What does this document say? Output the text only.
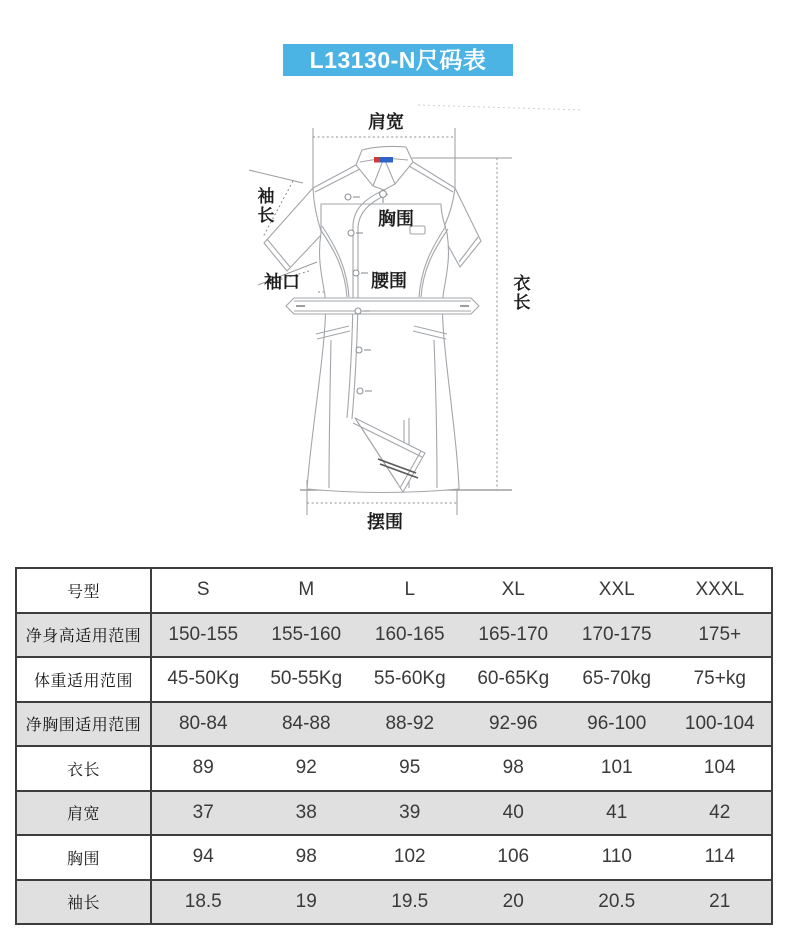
L13130-N尺码表
肩宽
袖长
袖口
胸围
腰围	衣长
摆围
号型	S	M	L	XL	XXL	XXXL
净身高适用范围	150-155	155-160	160-165	165-170	170-175	175+
体重适用范围	45-50Kg	50-55Kg	55-60Kg	60-65Kg	65-70kg	75+kg
净胸围适用范围	80-84	84-88	88-92	92-96	96-100	100-104
衣长	89	92	95	98	101	104
肩宽	37	38	39	40	41	42
胸围	94	98	102	106	110	114
袖长	18.5	19	19.5	20	20.5	21
